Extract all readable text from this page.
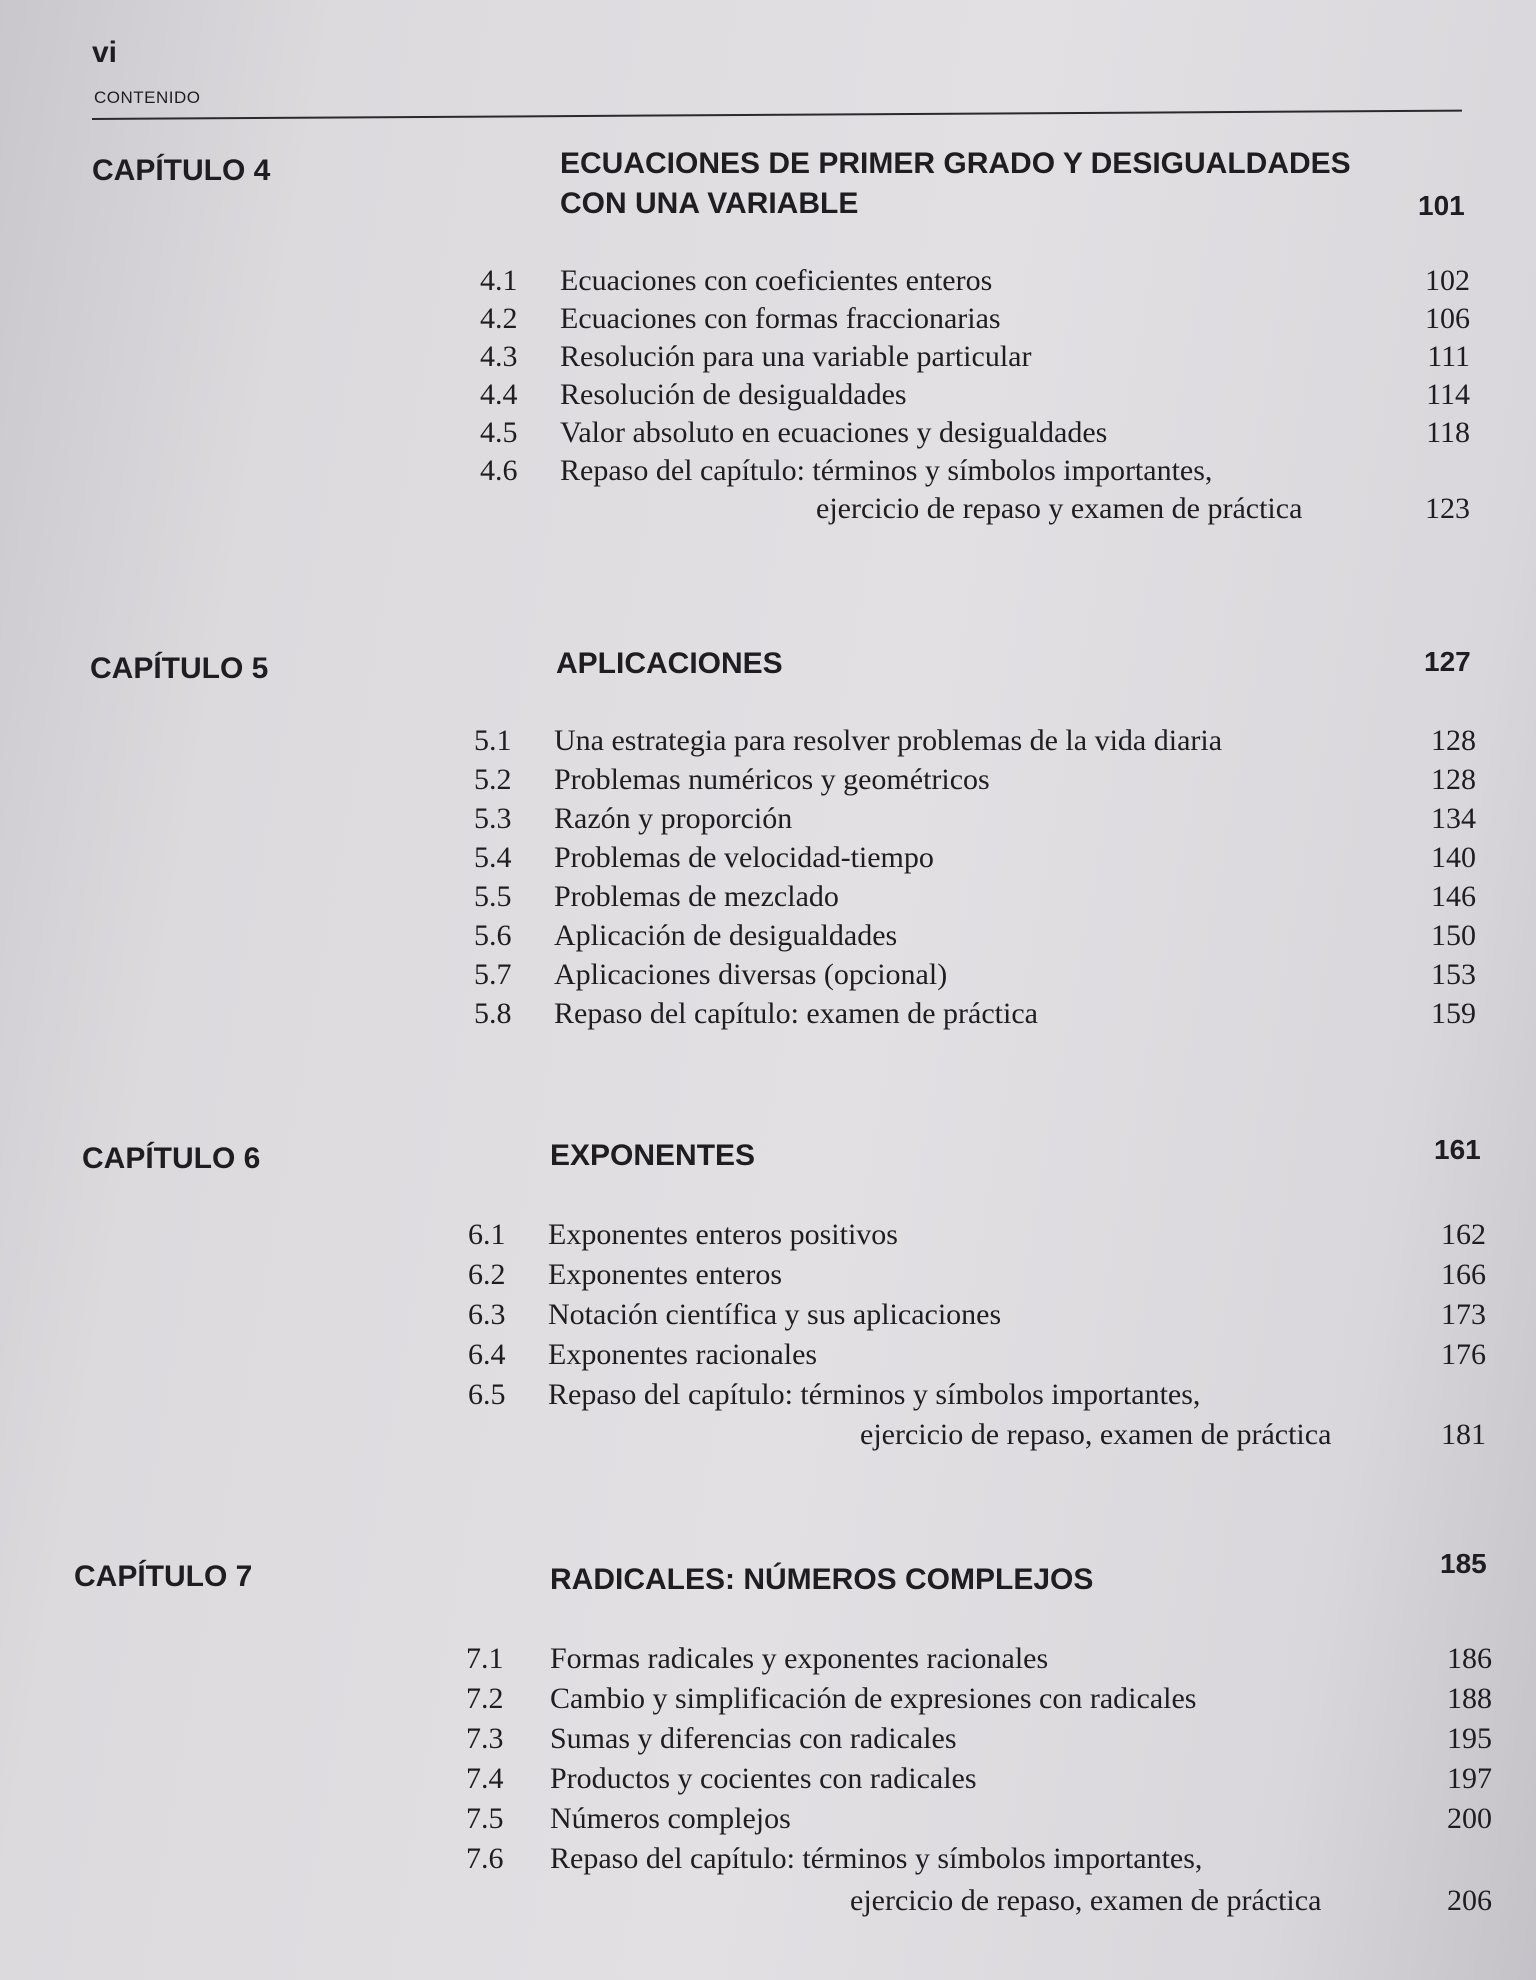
vi
CONTENIDO
CAPÍTULO 4	ECUACIONES DE PRIMER GRADO Y DESIGUALDADES
CON UNA VARIABLE	101
4.1 Ecuaciones con coeficientes enteros	102
4.2 Ecuaciones con formas fraccionarias	106
4.3 Resolución para una variable particular	111
4.4 Resolución de desigualdades	114
4.5 Valor absoluto en ecuaciones y desigualdades	118
4.6 Repaso del capítulo: términos y símbolos importantes,
ejercicio de repaso y examen de práctica	123
CAPÍTULO 5	APLICACIONES	127
5.1 Una estrategia para resolver problemas de la vida diaria	128
5.2 Problemas numéricos y geométricos	128
5.3 Razón y proporción	134
5.4 Problemas de velocidad-tiempo	140
5.5 Problemas de mezclado	146
5.6 Aplicación de desigualdades	150
5.7 Aplicaciones diversas (opcional)	153
5.8 Repaso del capítulo: examen de práctica	159
CAPÍTULO 6	EXPONENTES	161
6.1 Exponentes enteros positivos	162
6.2 Exponentes enteros	166
6.3 Notación científica y sus aplicaciones	173
6.4 Exponentes racionales	176
6.5 Repaso del capítulo: términos y símbolos importantes,
ejercicio de repaso, examen de práctica	181
CAPÍTULO 7	RADICALES: NÚMEROS COMPLEJOS	185
7.1 Formas radicales y exponentes racionales	186
7.2 Cambio y simplificación de expresiones con radicales	188
7.3 Sumas y diferencias con radicales	195
7.4 Productos y cocientes con radicales	197
7.5 Números complejos	200
7.6 Repaso del capítulo: términos y símbolos importantes,
ejercicio de repaso, examen de práctica	206
